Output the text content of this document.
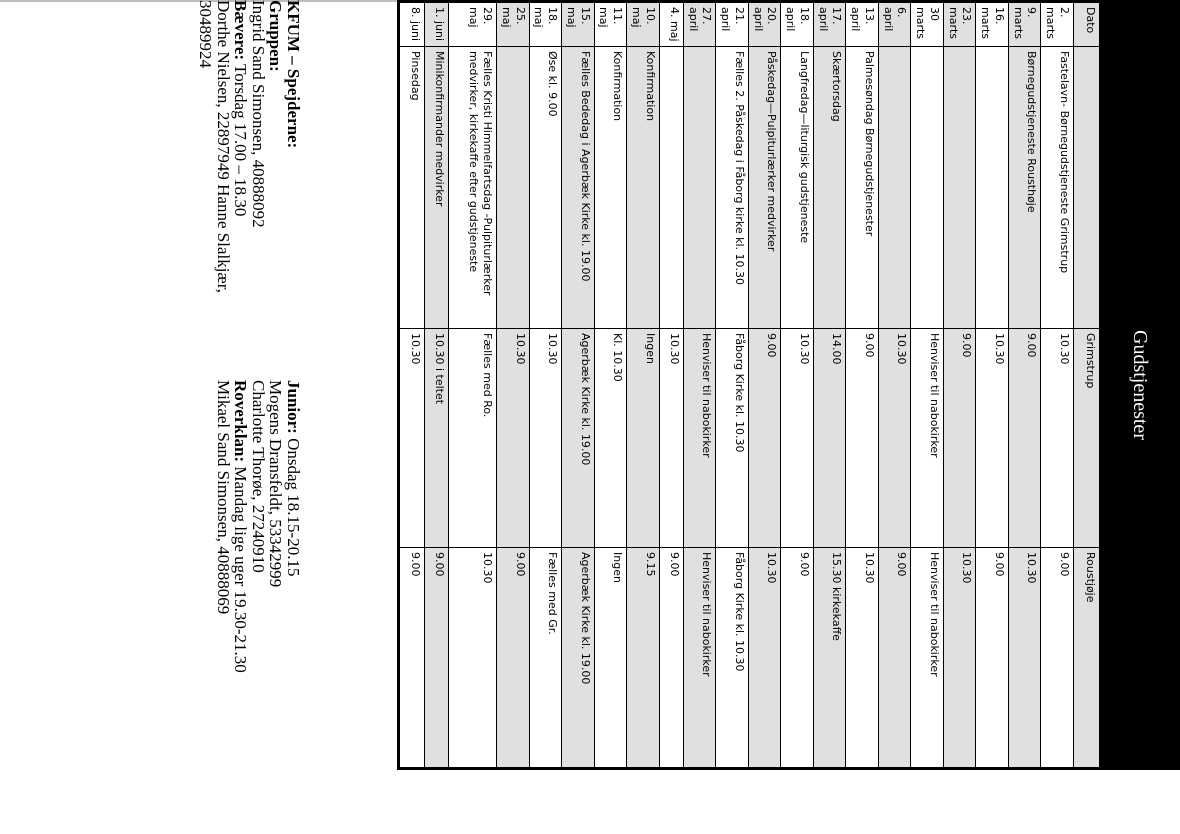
Gudstjenester
Dato		Grimstrup	Roustjøje
2. marts	Fastelavn- Børnegudstjeneste Grimstrup	10.30	9.00
9. marts	Børnegudstjeneste Rousthøje	9.00	10.30
16. marts		10.30	9.00
23. marts		9.00	10.30
30 marts		Henviser til nabokirker	Henviser til nabokirker
6. april		10.30	9.00
13. april	Palmesøndag Børnegudstjenester	9.00	10.30
17. april	Skærtorsdag	14.00	15.30 kirkekaffe
18. april	Langfredag—liturgisk gudstjeneste	10.30	9.00
20. april	Påskedag—Pulpiturlærker medvirker	9.00	10.30
21. april	Fælles 2. Påskedag i Fåborg kirke kl. 10.30	Fåborg Kirke kl. 10.30	Fåborg Kirke kl. 10.30
27. april		Henviser til nabokirker	Henviser til nabokirker
4. maj		10.30	9.00
10. maj	Konfirmation	Ingen	9.15
11. maj	Konfirmation	Kl. 10.30	Ingen
15. maj	Fælles Bededag i Agerbæk Kirke kl. 19.00	Agerbæk Kirke kl. 19.00	Agerbæk Kirke kl. 19.00
18. maj	Øse kl. 9.00	10.30	Fælles med Gr.
25. maj		10.30	9.00
29. maj	Fælles Kristi Himmelfartsdag -Pulpiturlærker medvirker, kirkekaffe efter gudstjeneste	Fælles med Ro.	10.30
1. juni	Minikonfirmander medvirker	10.30 i teltet	9.00
8. juni	Pinsedag	10.30	9.00
KFUM – Spejderne:
Gruppen:
Ingrid Sand Simonsen, 40888092
Bævere: Torsdag 17.00 – 18.30
Dorthe Nielsen, 22897949 Hanne Slalkjær, 30489924
Junior: Onsdag 18.15-20.15
Mogens Dransfeldt, 53342999
Charlotte Thorøe, 27240910
Roverklan: Mandag lige uger 19.30-21.30
Mikael Sand Simonsen, 40888069
